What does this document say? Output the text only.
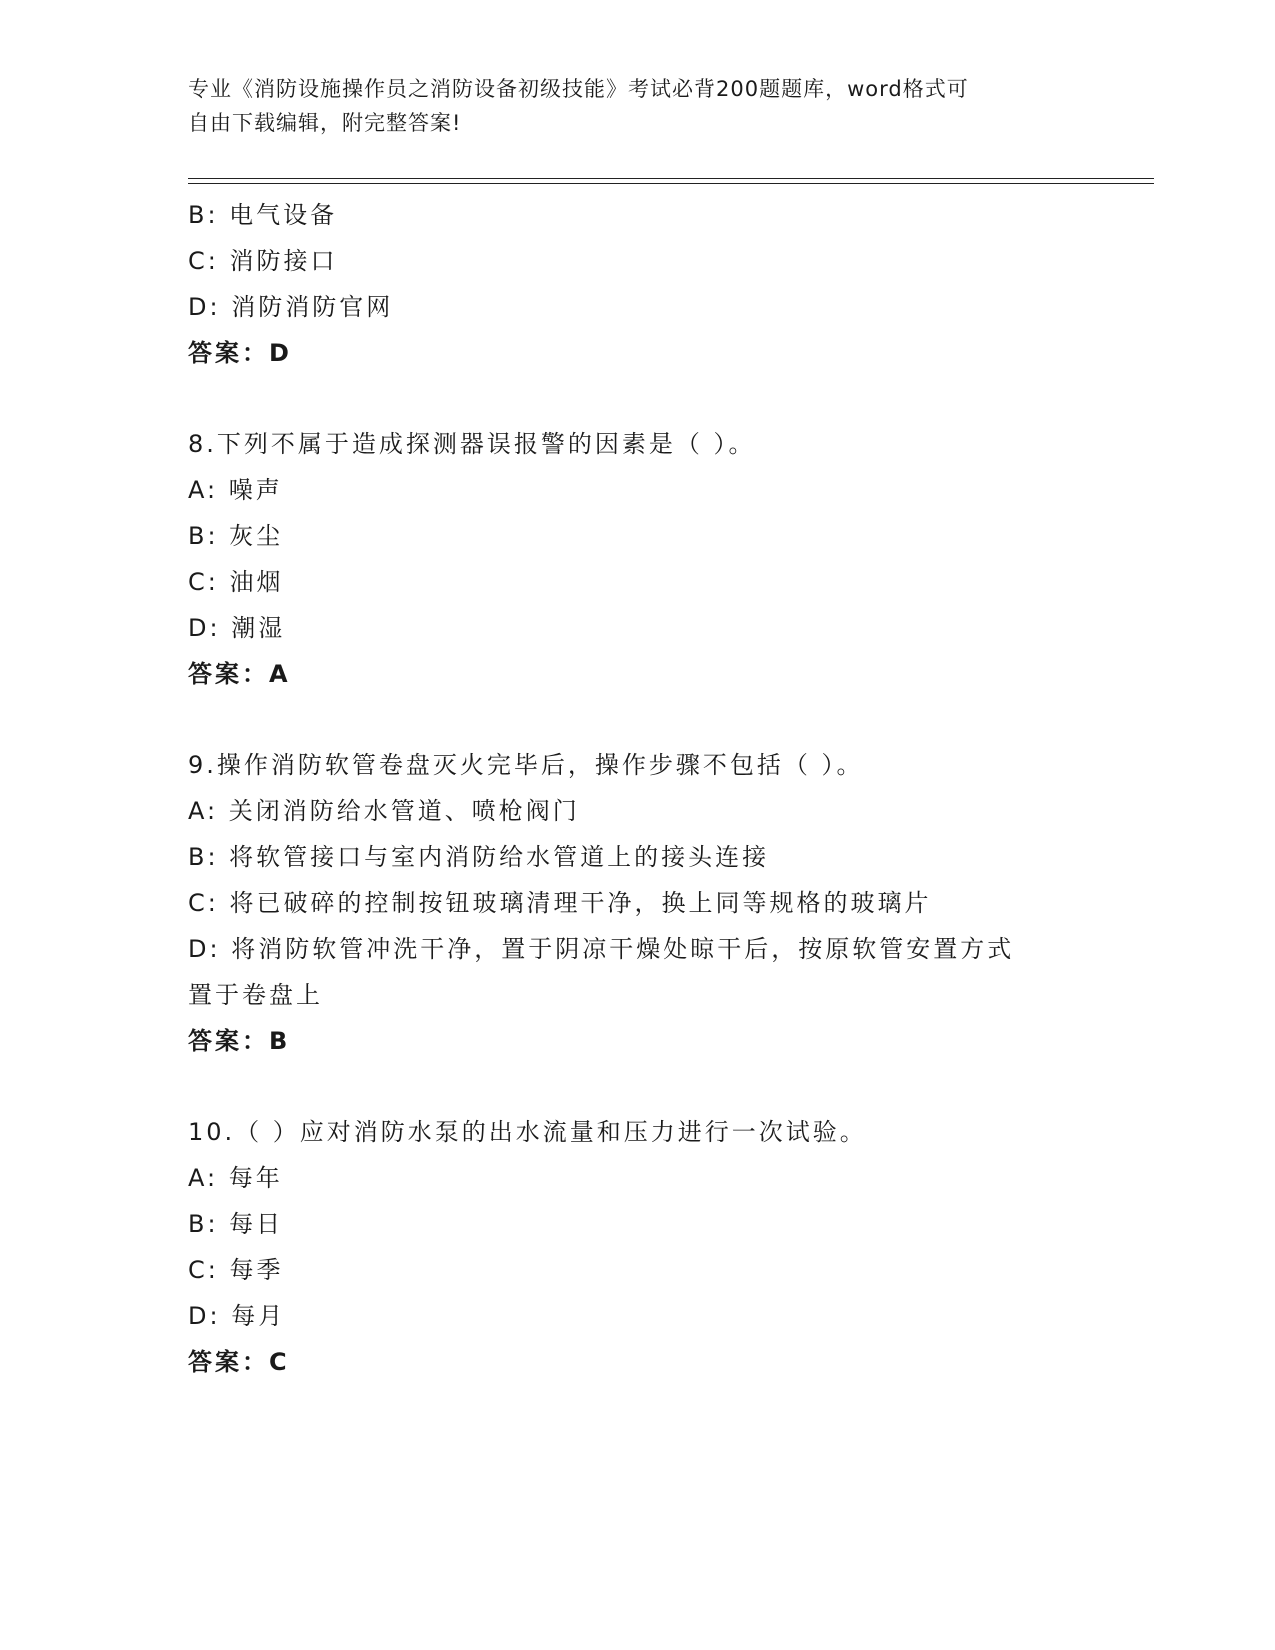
专业《消防设施操作员之消防设备初级技能》考试必背200题题库，word格式可
自由下载编辑，附完整答案!
B: 电气设备
C: 消防接口
D: 消防消防官网
答案：D
8.下列不属于造成探测器误报警的因素是（ ）。
A: 噪声
B: 灰尘
C: 油烟
D: 潮湿
答案：A
9.操作消防软管卷盘灭火完毕后，操作步骤不包括（ ）。
A: 关闭消防给水管道、喷枪阀门
B: 将软管接口与室内消防给水管道上的接头连接
C: 将已破碎的控制按钮玻璃清理干净，换上同等规格的玻璃片
D: 将消防软管冲洗干净，置于阴凉干燥处晾干后，按原软管安置方式
置于卷盘上
答案：B
10.（ ）应对消防水泵的出水流量和压力进行一次试验。
A: 每年
B: 每日
C: 每季
D: 每月
答案：C
